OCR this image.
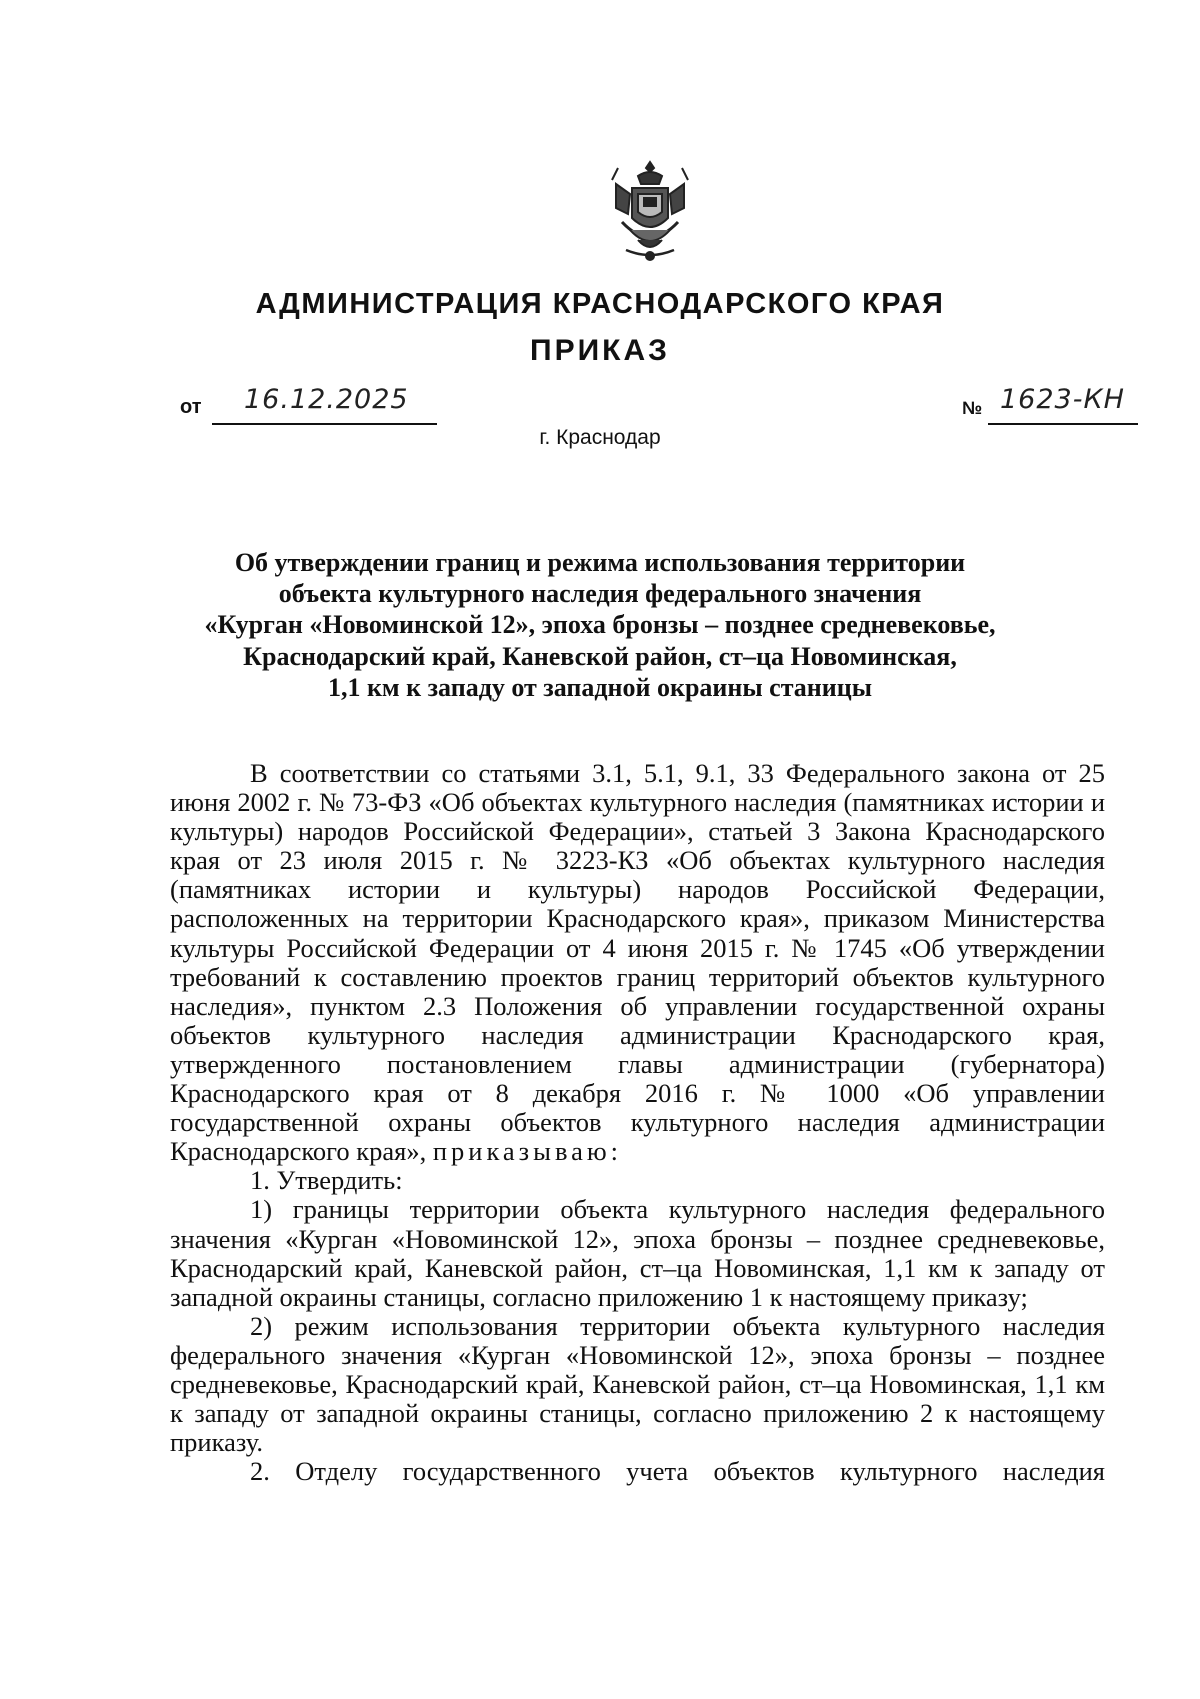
АДМИНИСТРАЦИЯ КРАСНОДАРСКОГО КРАЯ
ПРИКАЗ
от 16.12.2025	№ 1623-КН
г. Краснодар
Об утверждении границ и режима использования территории
объекта культурного наследия федерального значения
«Курган «Новоминской 12», эпоха бронзы – позднее средневековье,
Краснодарский край, Каневской район, ст–ца Новоминская,
1,1 км к западу от западной окраины станицы

В соответствии со статьями 3.1, 5.1, 9.1, 33 Федерального закона от 25 июня 2002 г. № 73-ФЗ «Об объектах культурного наследия (памятниках истории и культуры) народов Российской Федерации», статьей 3 Закона Краснодарского края от 23 июля 2015 г. № 3223-КЗ «Об объектах культурного наследия (памятниках истории и культуры) народов Российской Федерации, расположенных на территории Краснодарского края», приказом Министерства культуры Российской Федерации от 4 июня 2015 г. № 1745 «Об утверждении требований к составлению проектов границ территорий объектов культурного наследия», пунктом 2.3 Положения об управлении государственной охраны объектов культурного наследия администрации Краснодарского края, утвержденного постановлением главы администрации (губернатора) Краснодарского края от 8 декабря 2016 г. № 1000 «Об управлении государственной охраны объектов культурного наследия администрации Краснодарского края», приказываю:

1. Утвердить:

1) границы территории объекта культурного наследия федерального значения «Курган «Новоминской 12», эпоха бронзы – позднее средневековье, Краснодарский край, Каневской район, ст–ца Новоминская, 1,1 км к западу от западной окраины станицы, согласно приложению 1 к настоящему приказу;

2) режим использования территории объекта культурного наследия федерального значения «Курган «Новоминской 12», эпоха бронзы – позднее средневековье, Краснодарский край, Каневской район, ст–ца Новоминская, 1,1 км к западу от западной окраины станицы, согласно приложению 2 к настоящему приказу.

2. Отделу государственного учета объектов культурного наследия
